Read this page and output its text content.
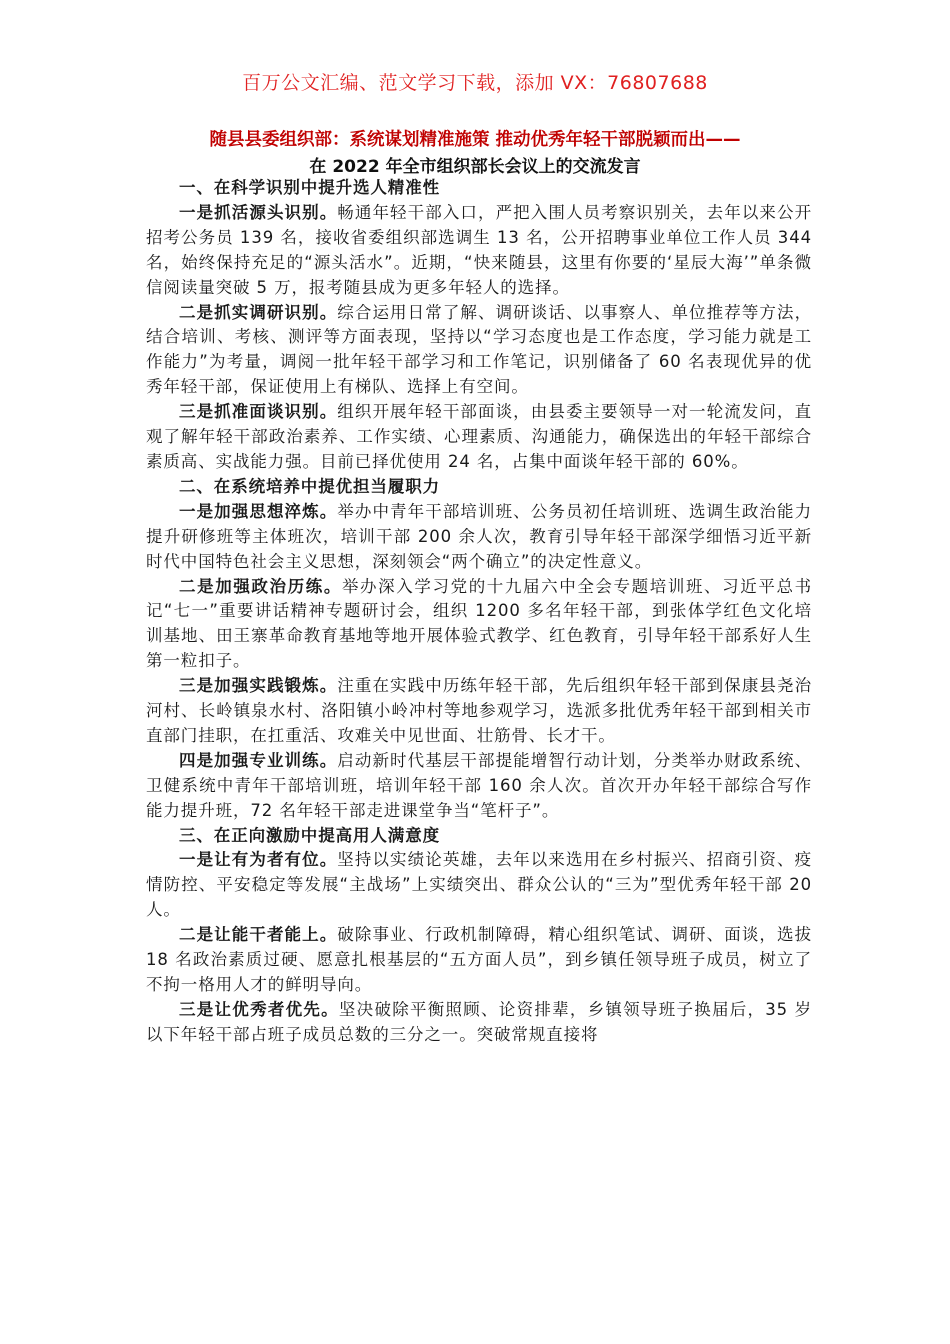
百万公文汇编、范文学习下载，添加 VX：76807688
随县县委组织部：系统谋划精准施策 推动优秀年轻干部脱颖而出——
在 2022 年全市组织部长会议上的交流发言
一、在科学识别中提升选人精准性

一是抓活源头识别。畅通年轻干部入口，严把入围人员考察识别关，去年以来公开招考公务员 139 名，接收省委组织部选调生 13 名，公开招聘事业单位工作人员 344 名，始终保持充足的“源头活水”。近期，“快来随县，这里有你要的‘星辰大海’”单条微信阅读量突破 5 万，报考随县成为更多年轻人的选择。

二是抓实调研识别。综合运用日常了解、调研谈话、以事察人、单位推荐等方法，结合培训、考核、测评等方面表现，坚持以“学习态度也是工作态度，学习能力就是工作能力”为考量，调阅一批年轻干部学习和工作笔记，识别储备了 60 名表现优异的优秀年轻干部，保证使用上有梯队、选择上有空间。

三是抓准面谈识别。组织开展年轻干部面谈，由县委主要领导一对一轮流发问，直观了解年轻干部政治素养、工作实绩、心理素质、沟通能力，确保选出的年轻干部综合素质高、实战能力强。目前已择优使用 24 名，占集中面谈年轻干部的 60%。

二、在系统培养中提优担当履职力

一是加强思想淬炼。举办中青年干部培训班、公务员初任培训班、选调生政治能力提升研修班等主体班次，培训干部 200 余人次，教育引导年轻干部深学细悟习近平新时代中国特色社会主义思想，深刻领会“两个确立”的决定性意义。

二是加强政治历练。举办深入学习党的十九届六中全会专题培训班、习近平总书记“七一”重要讲话精神专题研讨会，组织 1200 多名年轻干部，到张体学红色文化培训基地、田王寨革命教育基地等地开展体验式教学、红色教育，引导年轻干部系好人生第一粒扣子。

三是加强实践锻炼。注重在实践中历练年轻干部，先后组织年轻干部到保康县尧治河村、长岭镇泉水村、洛阳镇小岭冲村等地参观学习，选派多批优秀年轻干部到相关市直部门挂职，在扛重活、攻难关中见世面、壮筋骨、长才干。

四是加强专业训练。启动新时代基层干部提能增智行动计划，分类举办财政系统、卫健系统中青年干部培训班，培训年轻干部 160 余人次。首次开办年轻干部综合写作能力提升班，72 名年轻干部走进课堂争当“笔杆子”。

三、在正向激励中提高用人满意度

一是让有为者有位。坚持以实绩论英雄，去年以来选用在乡村振兴、招商引资、疫情防控、平安稳定等发展“主战场”上实绩突出、群众公认的“三为”型优秀年轻干部 20 人。

二是让能干者能上。破除事业、行政机制障碍，精心组织笔试、调研、面谈，选拔 18 名政治素质过硬、愿意扎根基层的“五方面人员”，到乡镇任领导班子成员，树立了不拘一格用人才的鲜明导向。

三是让优秀者优先。坚决破除平衡照顾、论资排辈，乡镇领导班子换届后，35 岁以下年轻干部占班子成员总数的三分之一。突破常规直接将
